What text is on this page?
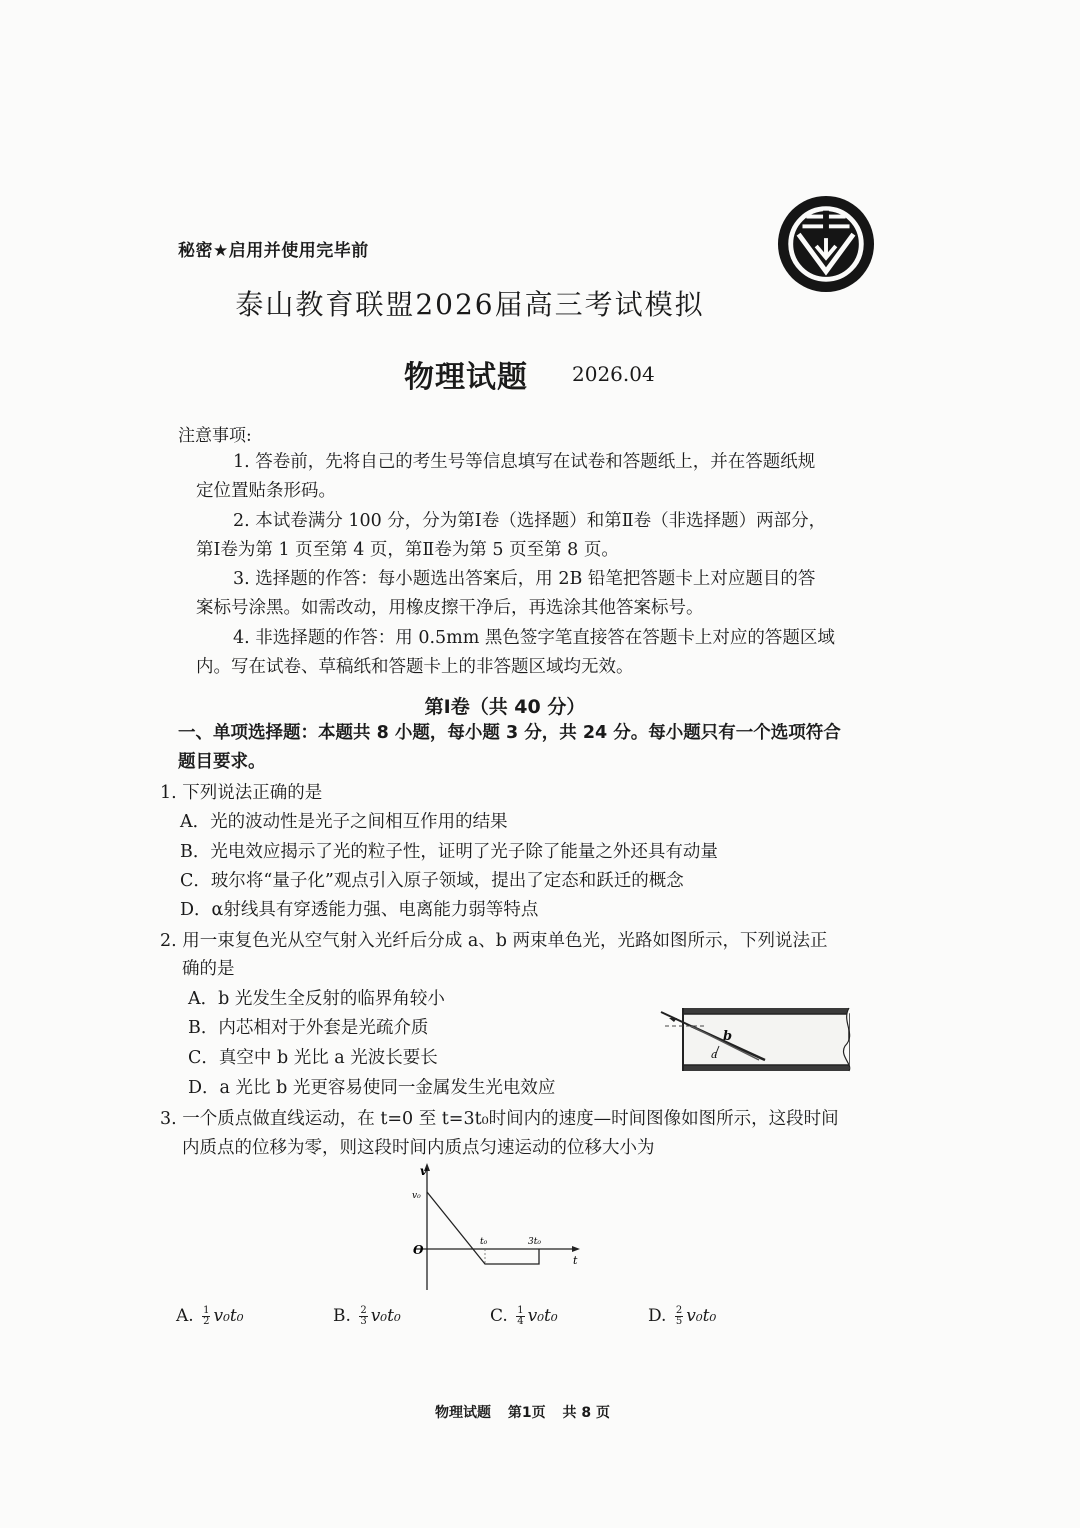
秘密★启用并使用完毕前
泰山教育联盟2026届高三考试模拟
物理试题 2026.04
注意事项:
1. 答卷前，先将自己的考生号等信息填写在试卷和答题纸上，并在答题纸规
定位置贴条形码。
2. 本试卷满分 100 分，分为第Ⅰ卷（选择题）和第Ⅱ卷（非选择题）两部分，
第Ⅰ卷为第 1 页至第 4 页，第Ⅱ卷为第 5 页至第 8 页。
3. 选择题的作答：每小题选出答案后，用 2B 铅笔把答题卡上对应题目的答
案标号涂黑。如需改动，用橡皮擦干净后，再选涂其他答案标号。
4. 非选择题的作答：用 0.5mm 黑色签字笔直接答在答题卡上对应的答题区域
内。写在试卷、草稿纸和答题卡上的非答题区域均无效。
第Ⅰ卷（共 40 分）
一、单项选择题：本题共 8 小题，每小题 3 分，共 24 分。每小题只有一个选项符合
题目要求。
1. 下列说法正确的是
A．光的波动性是光子之间相互作用的结果
B．光电效应揭示了光的粒子性，证明了光子除了能量之外还具有动量
C．玻尔将“量子化”观点引入原子领域，提出了定态和跃迁的概念
D．α射线具有穿透能力强、电离能力弱等特点
2. 用一束复色光从空气射入光纤后分成 a、b 两束单色光，光路如图所示，下列说法正
确的是
A．b 光发生全反射的临界角较小
B．内芯相对于外套是光疏介质
C．真空中 b 光比 a 光波长要长
D．a 光比 b 光更容易使同一金属发生光电效应
b
a
3. 一个质点做直线运动，在 t=0 至 t=3t₀时间内的速度—时间图像如图所示，这段时间
内质点的位移为零，则这段时间内质点匀速运动的位移大小为
v
v₀
O
t₀	3t₀
t
A. $\frac{1}{2} v_0t_0$	B. $\frac{2}{3} v_0t_0$	C. $\frac{1}{4} v_0t_0$	D. $\frac{2}{5} v_0t_0$
物理试题 第1页 共 8 页
